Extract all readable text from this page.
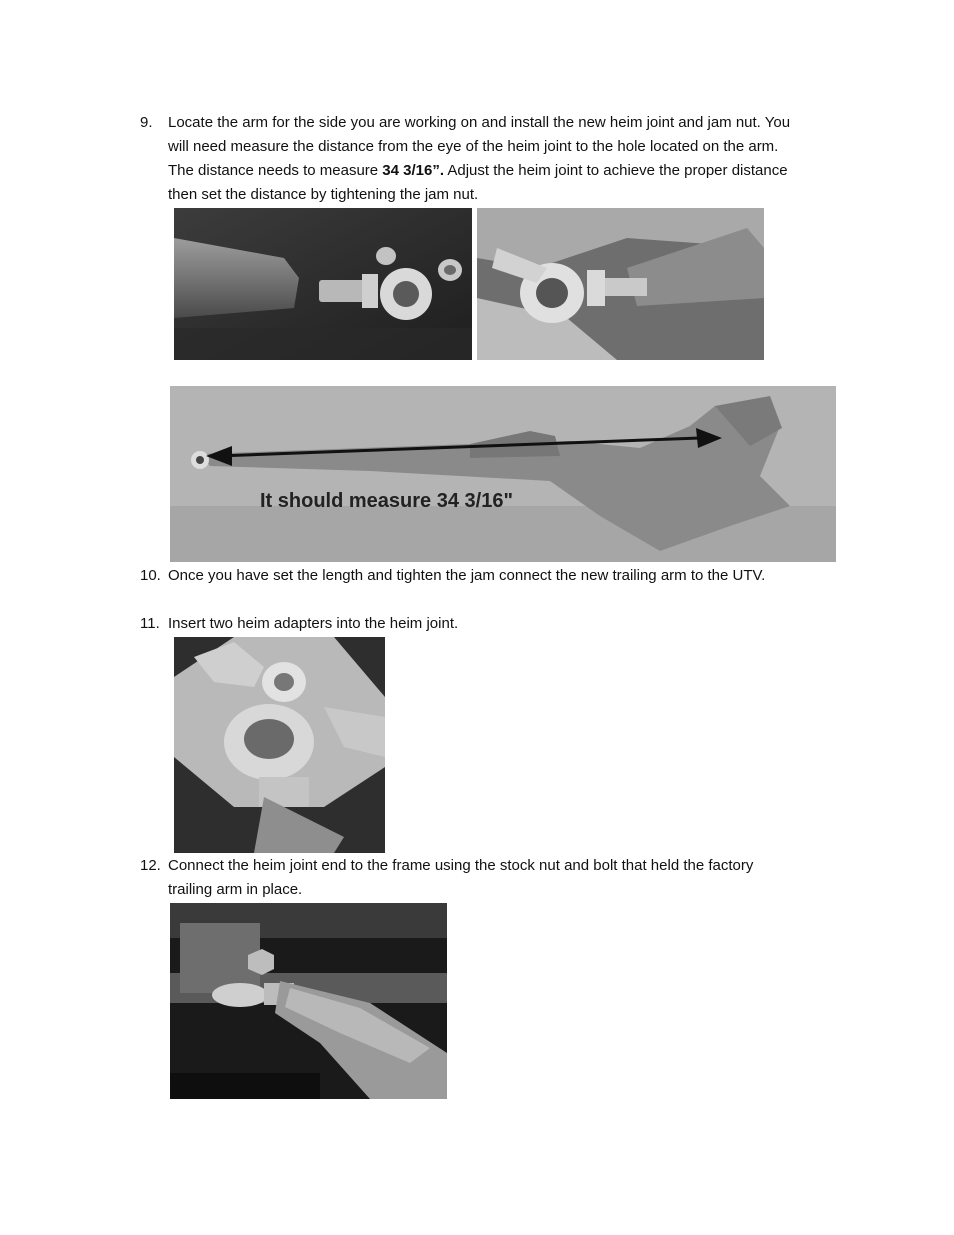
9. Locate the arm for the side you are working on and install the new heim joint and jam nut. You
will need measure the distance from the eye of the heim joint to the hole located on the arm.
The distance needs to measure 34 3/16”. Adjust the heim joint to achieve the proper distance
then set the distance by tightening the jam nut.
It should measure 34 3/16"
10. Once you have set the length and tighten the jam connect the new trailing arm to the UTV.
11. Insert two heim adapters into the heim joint.
12. Connect the heim joint end to the frame using the stock nut and bolt that held the factory
trailing arm in place.
